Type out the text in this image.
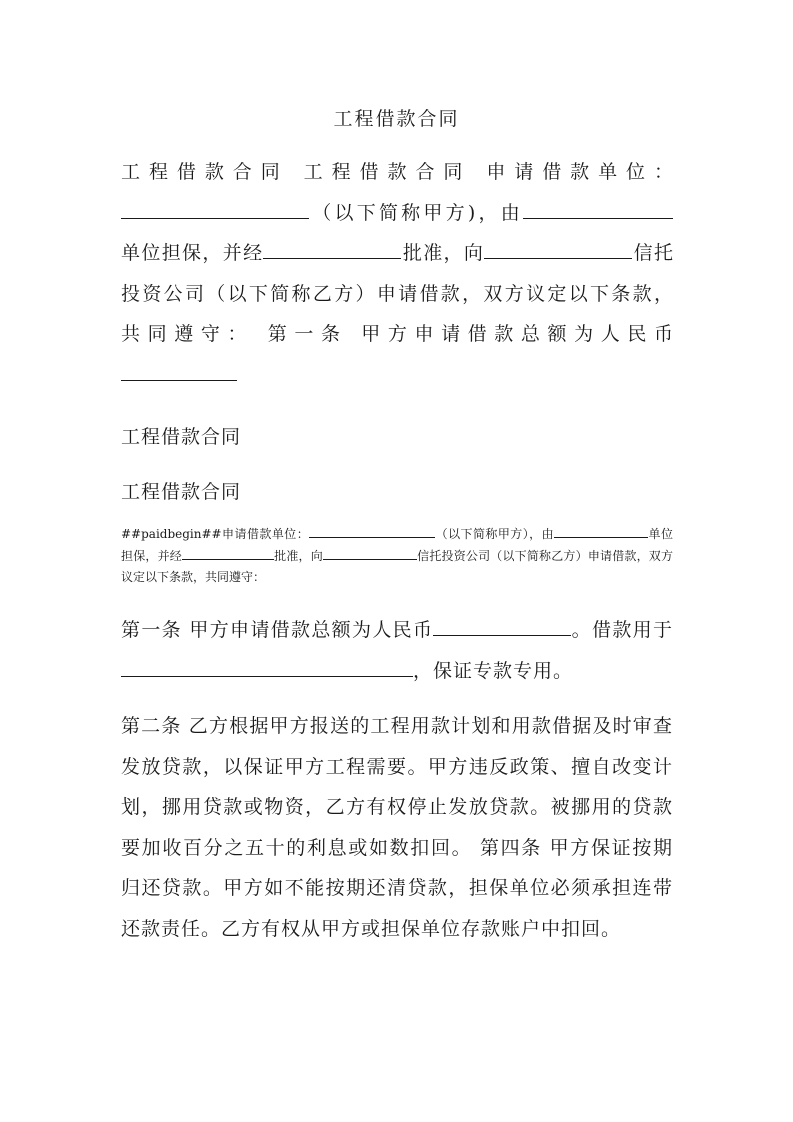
工程借款合同

工程借款合同 工程借款合同 申请借款单位：

（以下简称甲方)，由

单位担保，并经	批准，向	信托

投资公司（以下简称乙方）申请借款，双方议定以下条款，

共同遵守： 第一条 甲方申请借款总额为人民币

工程借款合同
工程借款合同
##paidbegin##申请借款单位：	（以下简称甲方），由	单位担保，并经	批准，向	信托投资公司（以下简称乙方）申请借款，双方议定以下条款，共同遵守：
第一条 甲方申请借款总额为人民币	。借款用于 ，保证专款专用。
第二条 乙方根据甲方报送的工程用款计划和用款借据及时审查发放贷款，以保证甲方工程需要。甲方违反政策、擅自改变计划，挪用贷款或物资，乙方有权停止发放贷款。被挪用的贷款要加收百分之五十的利息或如数扣回。 第四条 甲方保证按期归还贷款。甲方如不能按期还清贷款，担保单位必须承担连带还款责任。乙方有权从甲方或担保单位存款账户中扣回。
